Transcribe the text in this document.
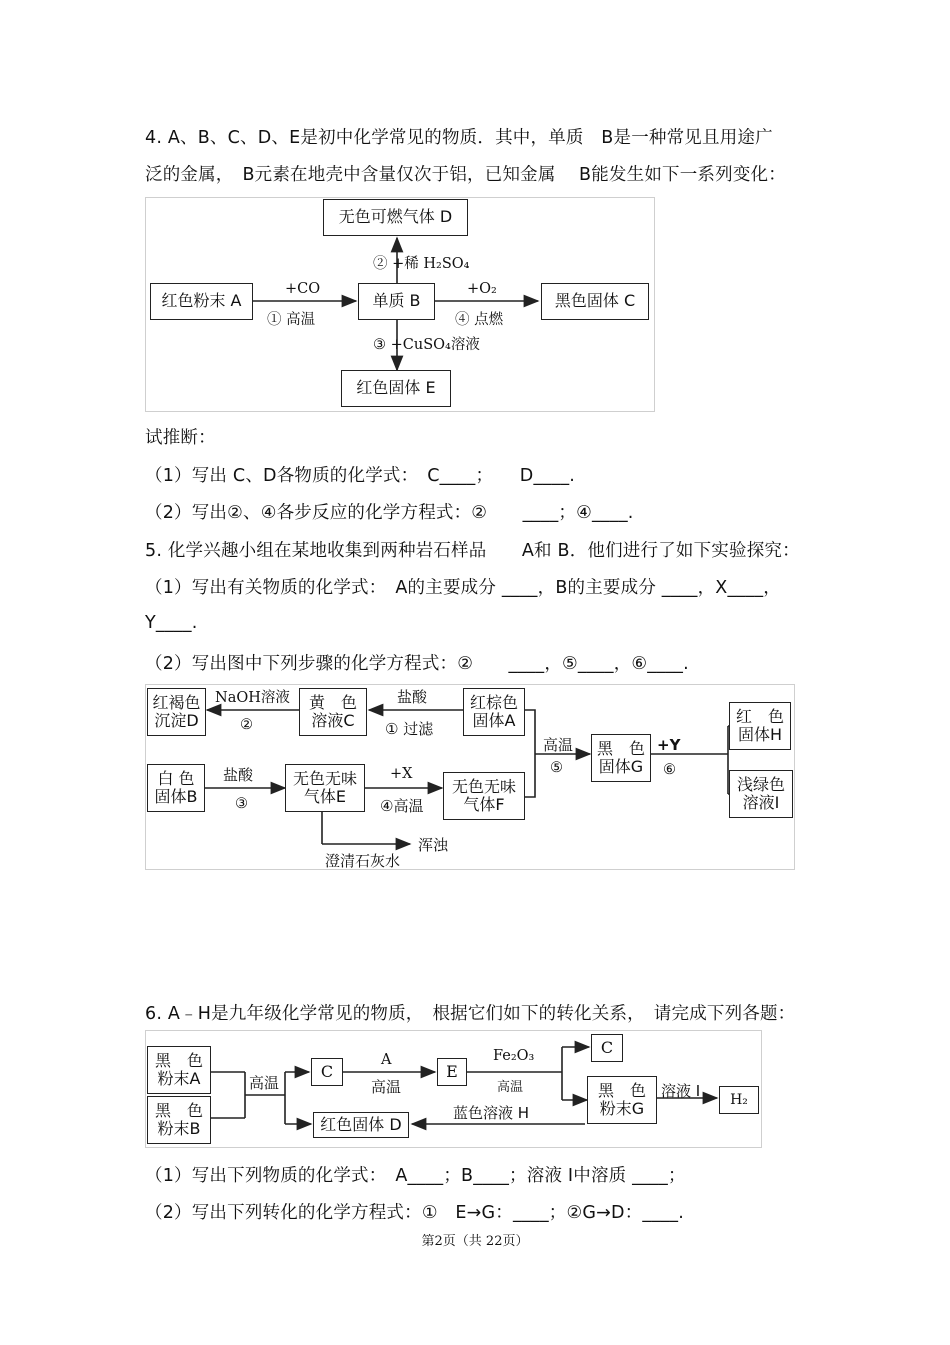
4. A、B、C、D、E是初中化学常见的物质．其中，单质　B是一种常见且用途广
泛的金属，　B元素在地壳中含量仅次于铝，已知金属　 B能发生如下一系列变化：
无色可燃气体 D
红色粉末 A	单质 B	黑色固体 C
红色固体 E
+CO
① 高温
② +稀 H₂SO₄
③ +CuSO₄溶液
+O₂
④ 点燃
试推断：
（1）写出 C、D各物质的化学式：　C____；　　D____.
（2）写出②、④各步反应的化学方程式：②　　____；④____.
5. 化学兴趣小组在某地收集到两种岩石样品　　A和 B．他们进行了如下实验探究：
（1）写出有关物质的化学式：　A的主要成分 ____，B的主要成分 ____，X____，
Y____.
（2）写出图中下列步骤的化学方程式：②　　____，⑤____，⑥____.
红褐色
沉淀D
黄　色
溶液C
红棕色
固体A
白 色
固体B
无色无味
气体E
无色无味
气体F
黑　色
固体G
红　色
固体H
浅绿色
溶液I
NaOH溶液
②
盐酸
① 过滤
盐酸
③
+X
④高温
高温
⑤
+Y
⑥
澄清石灰水
浑浊
6. A﹣H是九年级化学常见的物质，　根据它们如下的转化关系，　请完成下列各题：
黑　色
粉末A
黑　色
粉末B
C	E
C
黑　色
粉末G	H₂
红色固体 D
高温
A
高温
Fe₂O₃
高温	溶液 I
蓝色溶液 H
（1）写出下列物质的化学式：　A____；B____；溶液 I中溶质 ____；
（2）写出下列转化的化学方程式：①　E→G：____；②G→D：____.
第2页（共 22页）
